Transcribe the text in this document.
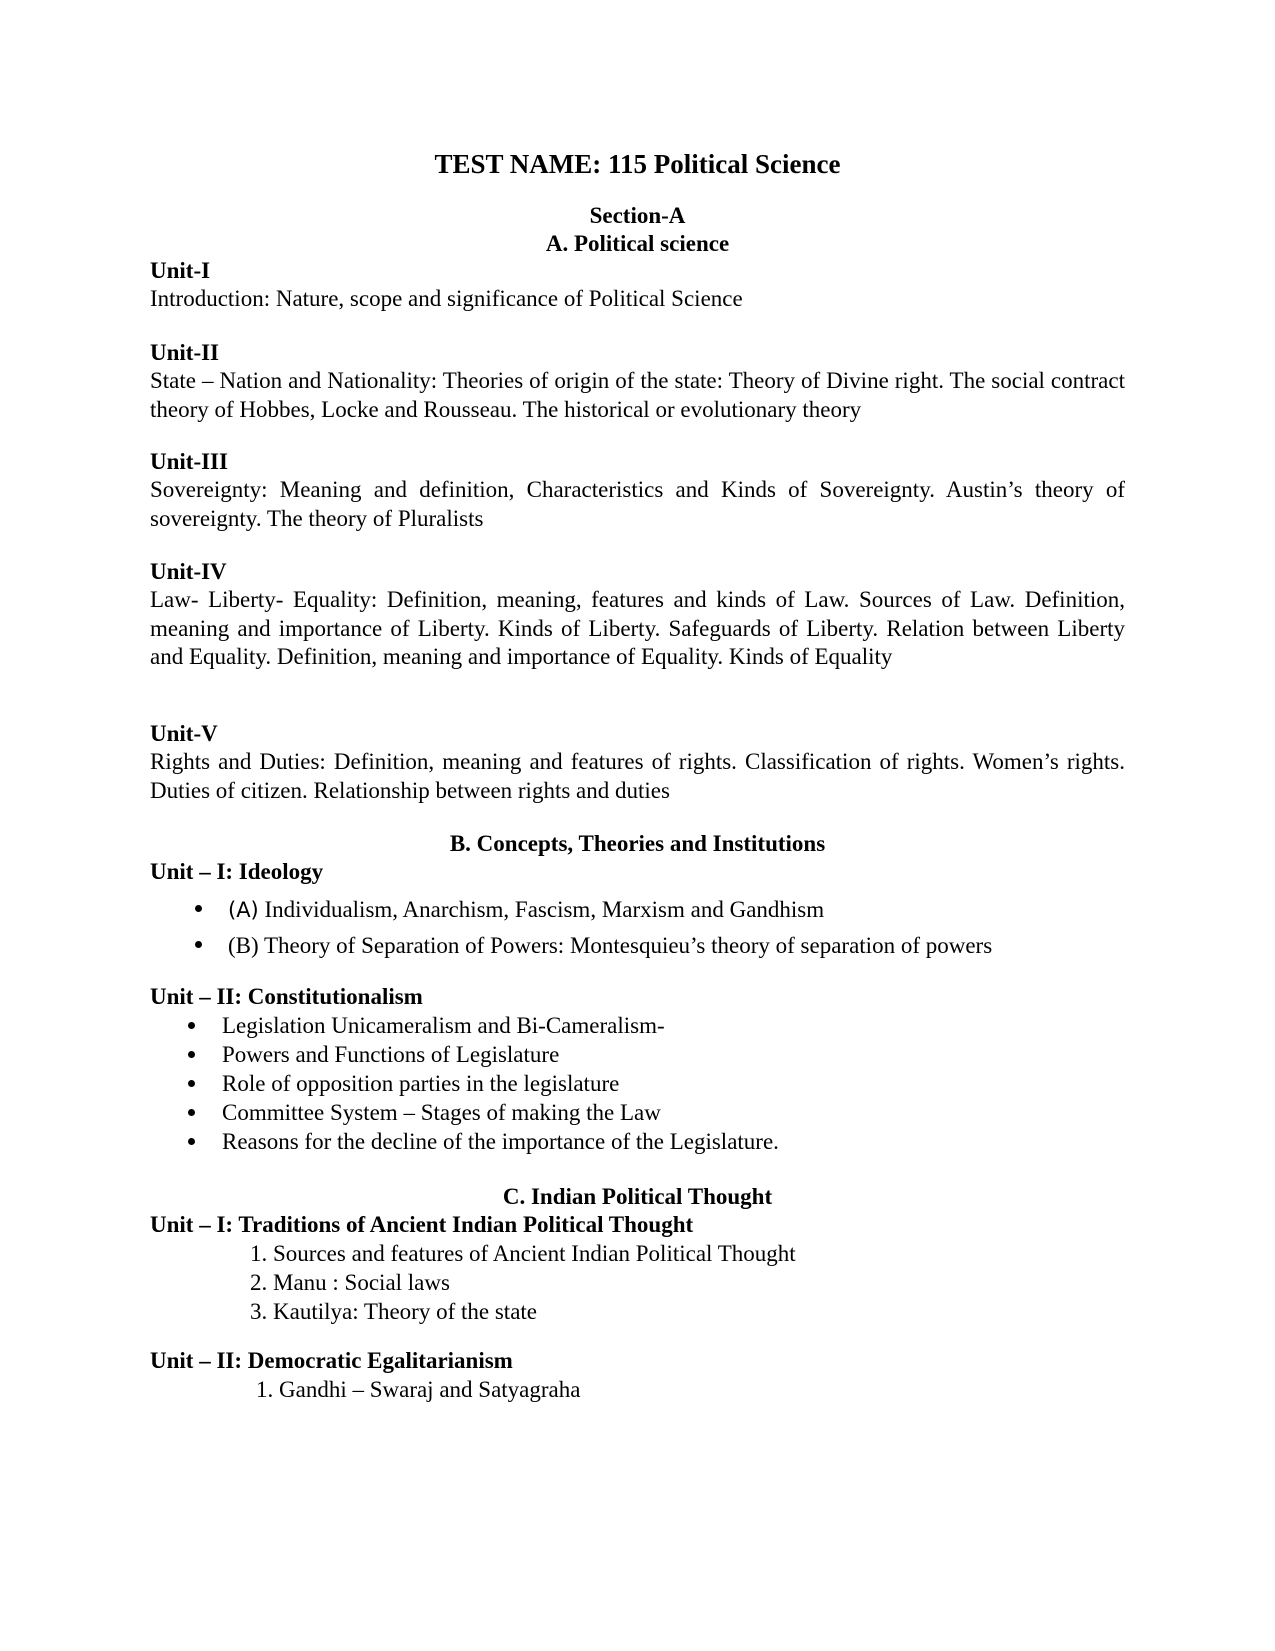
TEST NAME: 115 Political Science
Section-A
A. Political science
Unit-I

Introduction: Nature, scope and significance of Political Science

Unit-II

State – Nation and Nationality: Theories of origin of the state: Theory of Divine right. The social contract theory of Hobbes, Locke and Rousseau. The historical or evolutionary theory

Unit-III

Sovereignty: Meaning and definition, Characteristics and Kinds of Sovereignty. Austin’s theory of sovereignty. The theory of Pluralists

Unit-IV

Law- Liberty- Equality: Definition, meaning, features and kinds of Law. Sources of Law. Definition, meaning and importance of Liberty. Kinds of Liberty. Safeguards of Liberty. Relation between Liberty and Equality. Definition, meaning and importance of Equality. Kinds of Equality

Unit-V

Rights and Duties: Definition, meaning and features of rights. Classification of rights. Women’s rights. Duties of citizen. Relationship between rights and duties

B. Concepts, Theories and Institutions
Unit – I: Ideology
(A) Individualism, Anarchism, Fascism, Marxism and Gandhism
(B) Theory of Separation of Powers: Montesquieu’s theory of separation of powers
Unit – II: Constitutionalism
Legislation Unicameralism and Bi-Cameralism-
Powers and Functions of Legislature
Role of opposition parties in the legislature
Committee System – Stages of making the Law
Reasons for the decline of the importance of the Legislature.
C. Indian Political Thought
Unit – I: Traditions of Ancient Indian Political Thought
1. Sources and features of Ancient Indian Political Thought
2. Manu : Social laws
3. Kautilya: Theory of the state
Unit – II: Democratic Egalitarianism
1. Gandhi – Swaraj and Satyagraha
